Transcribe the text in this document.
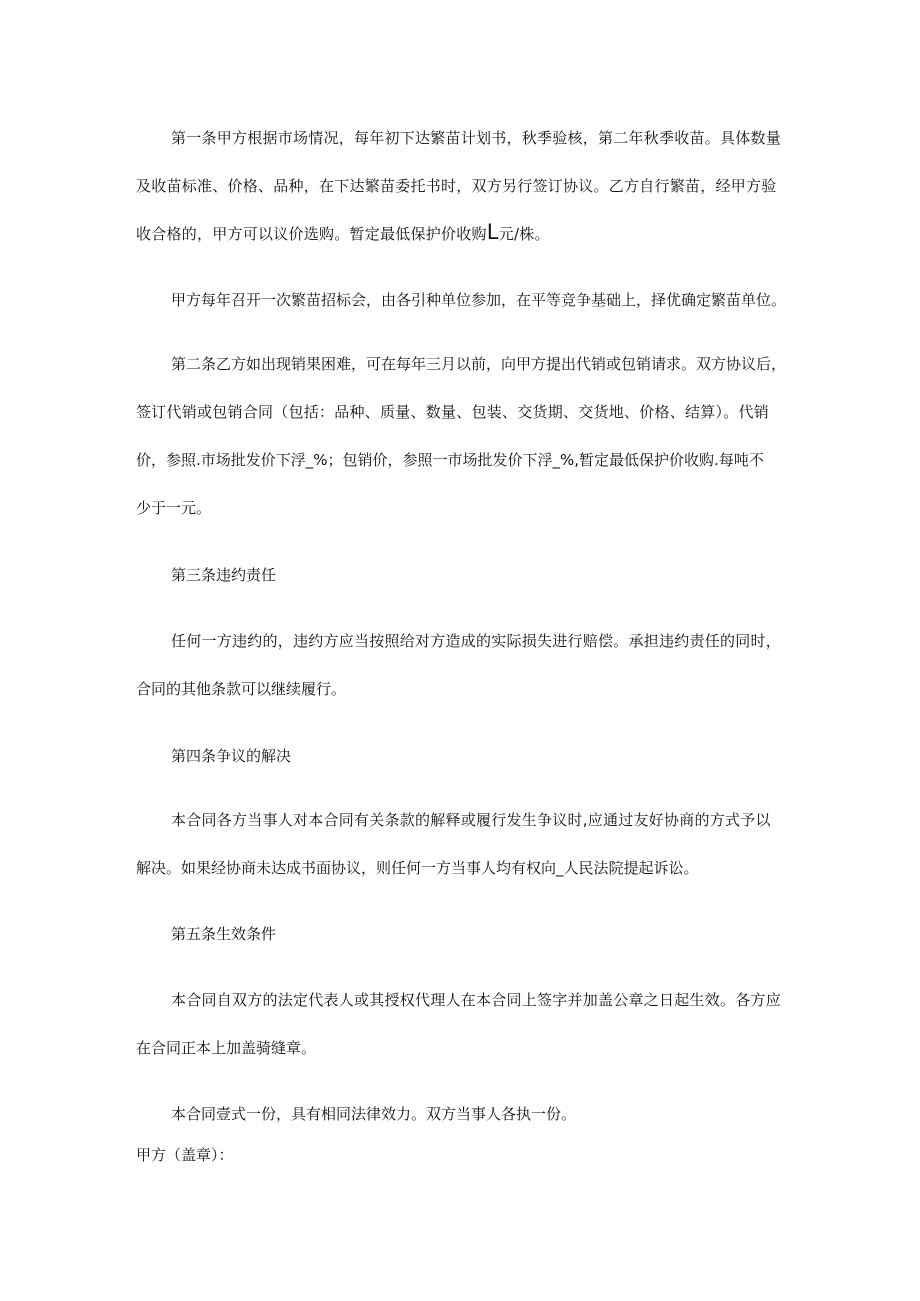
第一条甲方根据市场情况，每年初下达繁苗计划书，秋季验核，第二年秋季收苗。具体数量
及收苗标准、价格、品种，在下达繁苗委托书时，双方另行签订协议。乙方自行繁苗，经甲方验
收合格的，甲方可以议价选购。暂定最低保护价收购L元/株。
甲方每年召开一次繁苗招标会，由各引种单位参加，在平等竞争基础上，择优确定繁苗单位。
第二条乙方如出现销果困难，可在每年三月以前，向甲方提出代销或包销请求。双方协议后，
签订代销或包销合同（包括：品种、质量、数量、包装、交货期、交货地、价格、结算）。代销
价，参照.市场批发价下浮_%；包销价，参照一市场批发价下浮_%,暂定最低保护价收购.每吨不
少于一元。
第三条违约责任
任何一方违约的，违约方应当按照给对方造成的实际损失进行赔偿。承担违约责任的同时，
合同的其他条款可以继续履行。
第四条争议的解决
本合同各方当事人对本合同有关条款的解释或履行发生争议时,应通过友好协商的方式予以
解决。如果经协商未达成书面协议，则任何一方当事人均有权向_人民法院提起诉讼。
第五条生效条件
本合同自双方的法定代表人或其授权代理人在本合同上签字并加盖公章之日起生效。各方应
在合同正本上加盖骑缝章。
本合同壹式一份，具有相同法律效力。双方当事人各执一份。
甲方（盖章）：
